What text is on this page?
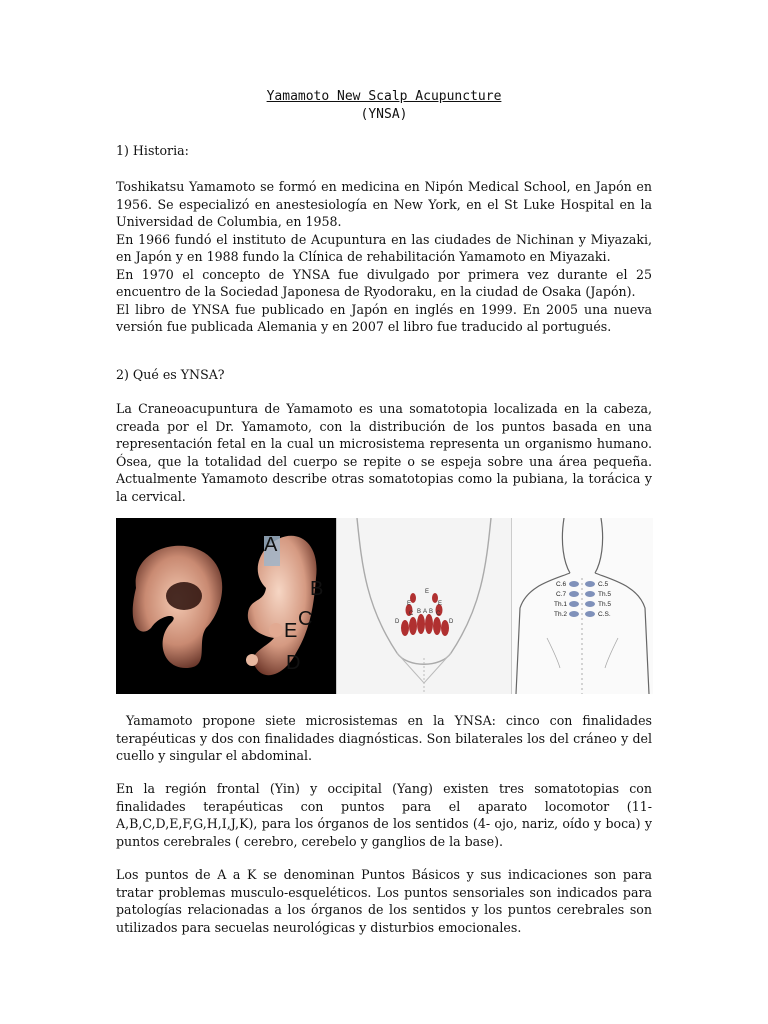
Yamamoto New Scalp Acupuncture
(YNSA)

1) Historia:

Toshikatsu Yamamoto se formó en medicina en Nipón Medical School, en Japón en 1956. Se especializó en anestesiología en New York, en el St Luke Hospital en la Universidad de Columbia, en 1958.

En 1966 fundó el instituto de Acupuntura en las ciudades de Nichinan y Miyazaki, en Japón y en 1988 fundo la Clínica de rehabilitación Yamamoto en Miyazaki.

En 1970 el concepto de YNSA fue divulgado por primera vez durante el 25 encuentro de la Sociedad Japonesa de Ryodoraku, en la ciudad de Osaka (Japón).

El libro de YNSA fue publicado en Japón en inglés en 1999. En 2005 una nueva versión fue publicada Alemania y en 2007 el libro fue traducido al portugués.

2) Qué es YNSA?

La Craneoacupuntura de Yamamoto es una somatotopia localizada en la cabeza, creada por el Dr. Yamamoto, con la distribución de los puntos basada en una representación fetal en la cual un microsistema representa un organismo humano. Ósea, que la totalidad del cuerpo se repite o se espeja sobre una área pequeña. Actualmente Yamamoto describe otras somatotopias como la pubiana, la torácica y la cervical.

A
B
C
E
D
E
D
C B A B C
E
D
E
C.6	C.5
C.7	Th.5
Th.1	Th.5
Th.2	C.S.

Yamamoto propone siete microsistemas en la YNSA: cinco con finalidades terapéuticas y dos con finalidades diagnósticas. Son bilaterales los del cráneo y del cuello y singular el abdominal.

En la región frontal (Yin) y occipital (Yang) existen tres somatotopias con finalidades terapéuticas con puntos para el aparato locomotor (11-A,B,C,D,E,F,G,H,I,J,K), para los órganos de los sentidos (4- ojo, nariz, oído y boca) y puntos cerebrales ( cerebro, cerebelo y ganglios de la base).

Los puntos de A a K se denominan Puntos Básicos y sus indicaciones son para tratar problemas musculo-esqueléticos. Los puntos sensoriales son indicados para patologías relacionadas a los órganos de los sentidos y los puntos cerebrales son utilizados para secuelas neurológicas y disturbios emocionales.
